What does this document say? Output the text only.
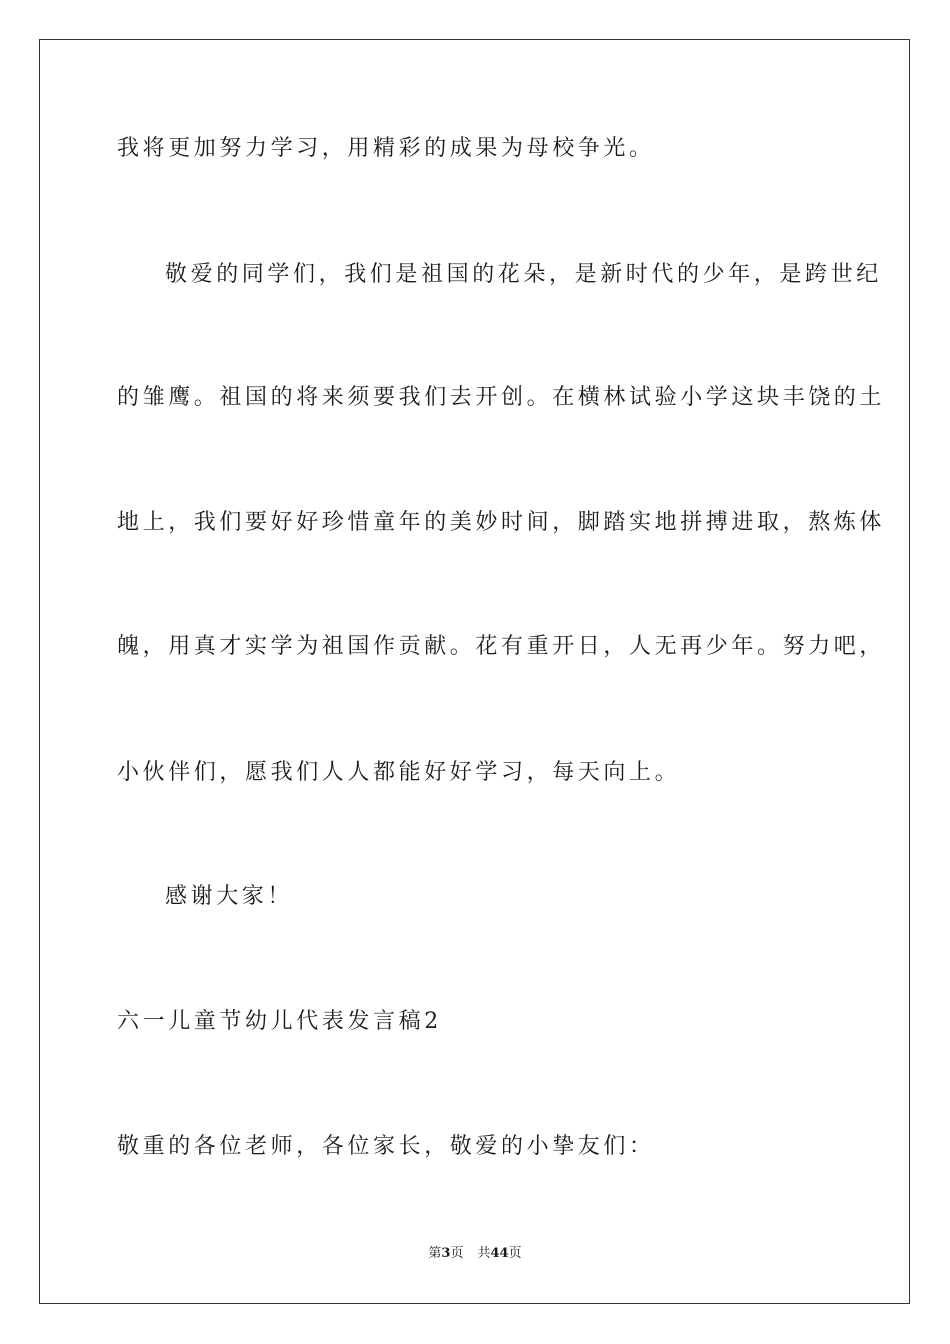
我将更加努力学习，用精彩的成果为母校争光。
敬爱的同学们，我们是祖国的花朵，是新时代的少年，是跨世纪
的雏鹰。祖国的将来须要我们去开创。在横林试验小学这块丰饶的土
地上，我们要好好珍惜童年的美妙时间，脚踏实地拼搏进取，熬炼体
魄，用真才实学为祖国作贡献。花有重开日，人无再少年。努力吧，
小伙伴们，愿我们人人都能好好学习，每天向上。
感谢大家！
六一儿童节幼儿代表发言稿2
敬重的各位老师，各位家长，敬爱的小挚友们：
第3页 共44页
